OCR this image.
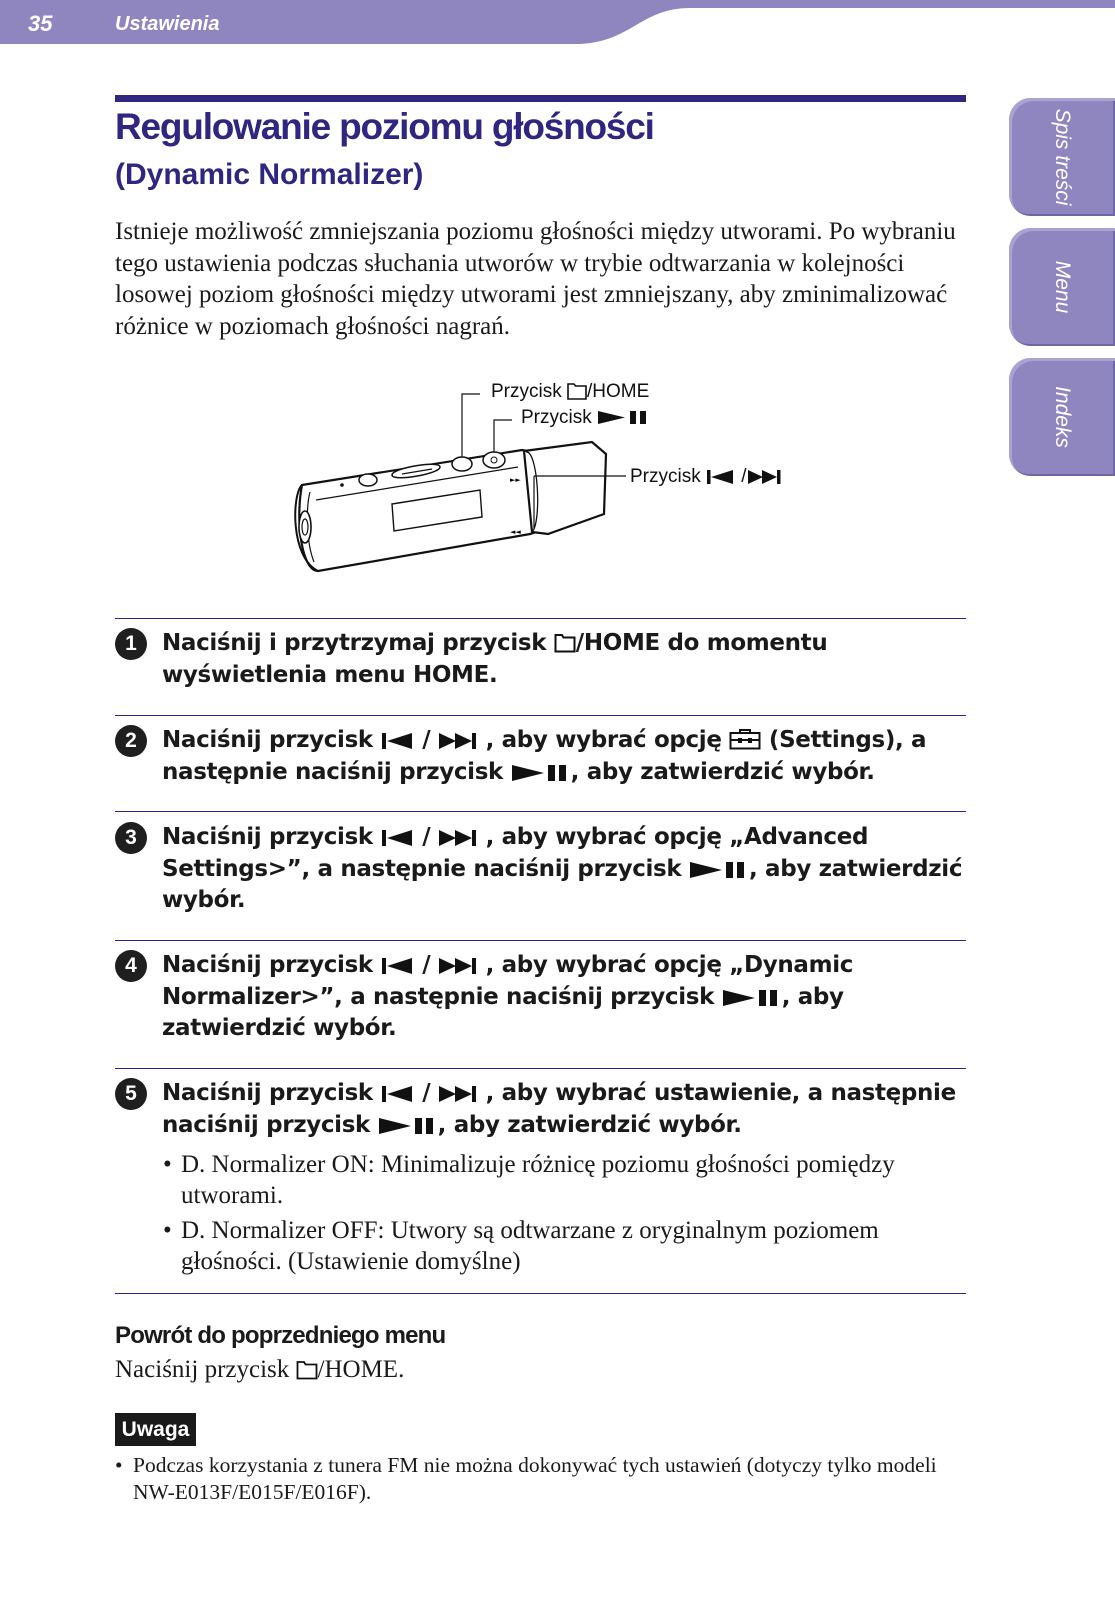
35	Ustawienia
Spis treści
Menu
Indeks
Regulowanie poziomu głośności
(Dynamic Normalizer)

Istnieje możliwość zmniejszania poziomu głośności między utworami. Po wybraniu tego ustawienia podczas słuchania utworów w trybie odtwarzania w kolejności losowej poziom głośności między utworami jest zmniejszany, aby zminimalizować różnice w poziomach głośności nagrań.

►►
◄◄
Przycisk /HOME
Przycisk
Przycisk /
1	Naciśnij i przytrzymaj przycisk /HOME do momentu wyświetlenia menu HOME.
2	Naciśnij przycisk  /  , aby wybrać opcję  (Settings), a następnie naciśnij przycisk	, aby zatwierdzić wybór.
3	Naciśnij przycisk  /  , aby wybrać opcję „Advanced Settings>”, a następnie naciśnij przycisk	, aby zatwierdzić wybór.
4	Naciśnij przycisk  /  , aby wybrać opcję „Dynamic Normalizer>”, a następnie naciśnij przycisk	, aby zatwierdzić wybór.
5	Naciśnij przycisk  /  , aby wybrać ustawienie, a następnie naciśnij przycisk	, aby zatwierdzić wybór.
• D. Normalizer ON: Minimalizuje różnicę poziomu głośności pomiędzy utworami.
• D. Normalizer OFF: Utwory są odtwarzane z oryginalnym poziomem głośności. (Ustawienie domyślne)
Powrót do poprzedniego menu

Naciśnij przycisk /HOME.

Uwaga

• Podczas korzystania z tunera FM nie można dokonywać tych ustawień (dotyczy tylko modeli NW-E013F/E015F/E016F).
